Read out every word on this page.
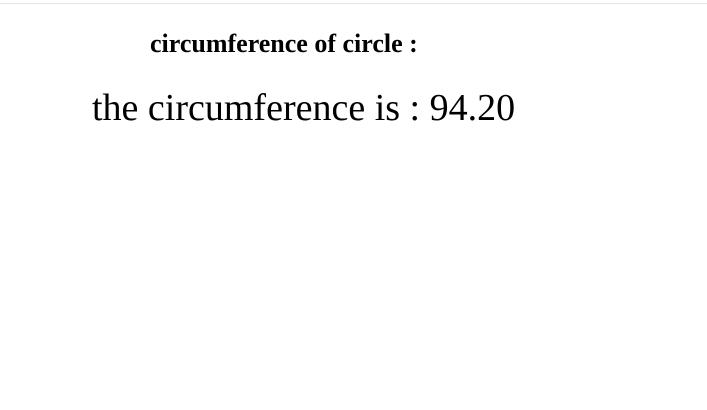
circumference of circle :

the circumference is : 94.20
